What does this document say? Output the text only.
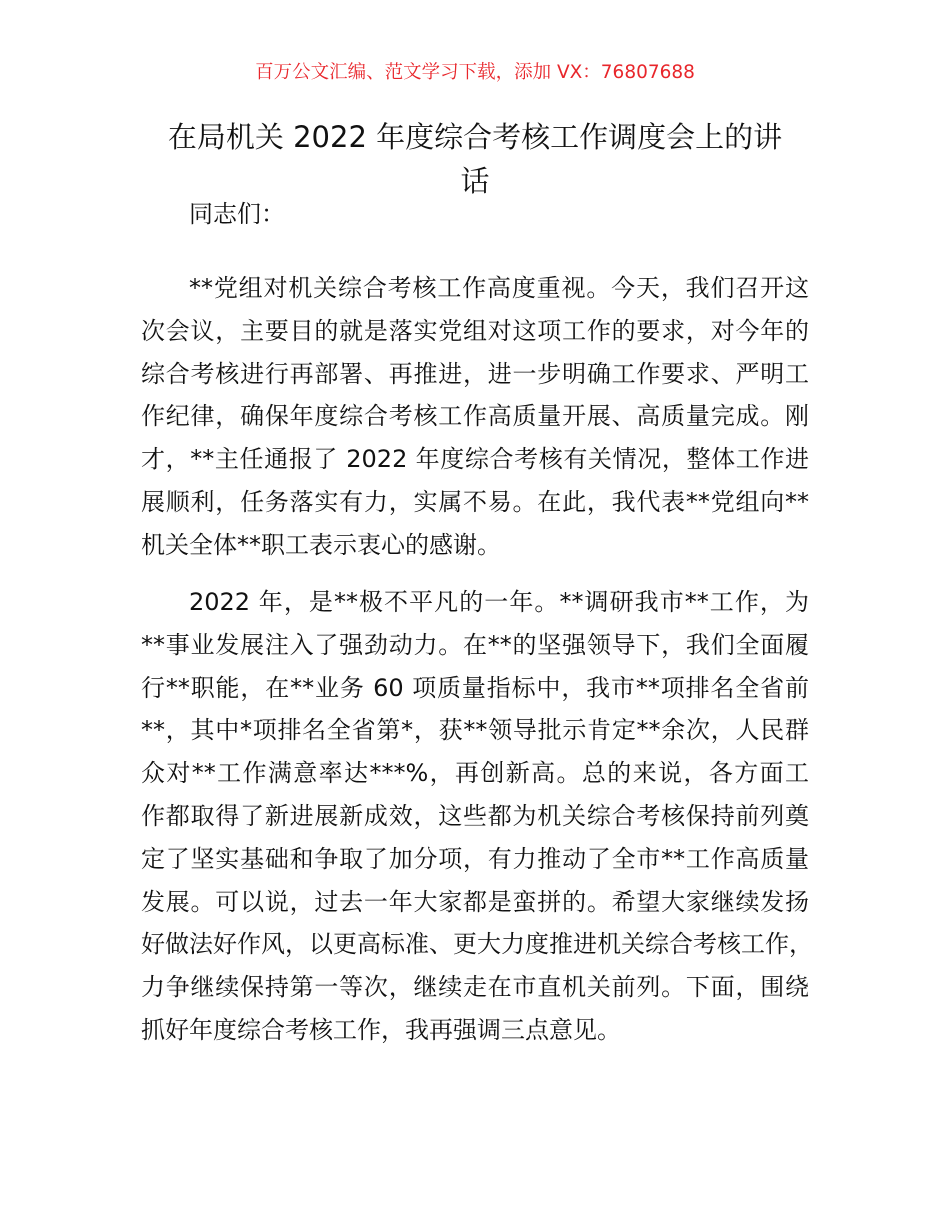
百万公文汇编、范文学习下载，添加 VX：76807688
在局机关 2022 年度综合考核工作调度会上的讲
话
同志们：
**党组对机关综合考核工作高度重视。今天，我们召开这
次会议，主要目的就是落实党组对这项工作的要求，对今年的
综合考核进行再部署、再推进，进一步明确工作要求、严明工
作纪律，确保年度综合考核工作高质量开展、高质量完成。刚
才，**主任通报了 2022 年度综合考核有关情况，整体工作进
展顺利，任务落实有力，实属不易。在此，我代表**党组向**
机关全体**职工表示衷心的感谢。
2022 年，是**极不平凡的一年。**调研我市**工作，为
**事业发展注入了强劲动力。在**的坚强领导下，我们全面履
行**职能，在**业务 60 项质量指标中，我市**项排名全省前
**，其中*项排名全省第*，获**领导批示肯定**余次，人民群
众对**工作满意率达***%，再创新高。总的来说，各方面工
作都取得了新进展新成效，这些都为机关综合考核保持前列奠
定了坚实基础和争取了加分项，有力推动了全市**工作高质量
发展。可以说，过去一年大家都是蛮拼的。希望大家继续发扬
好做法好作风，以更高标准、更大力度推进机关综合考核工作，
力争继续保持第一等次，继续走在市直机关前列。下面，围绕
抓好年度综合考核工作，我再强调三点意见。
